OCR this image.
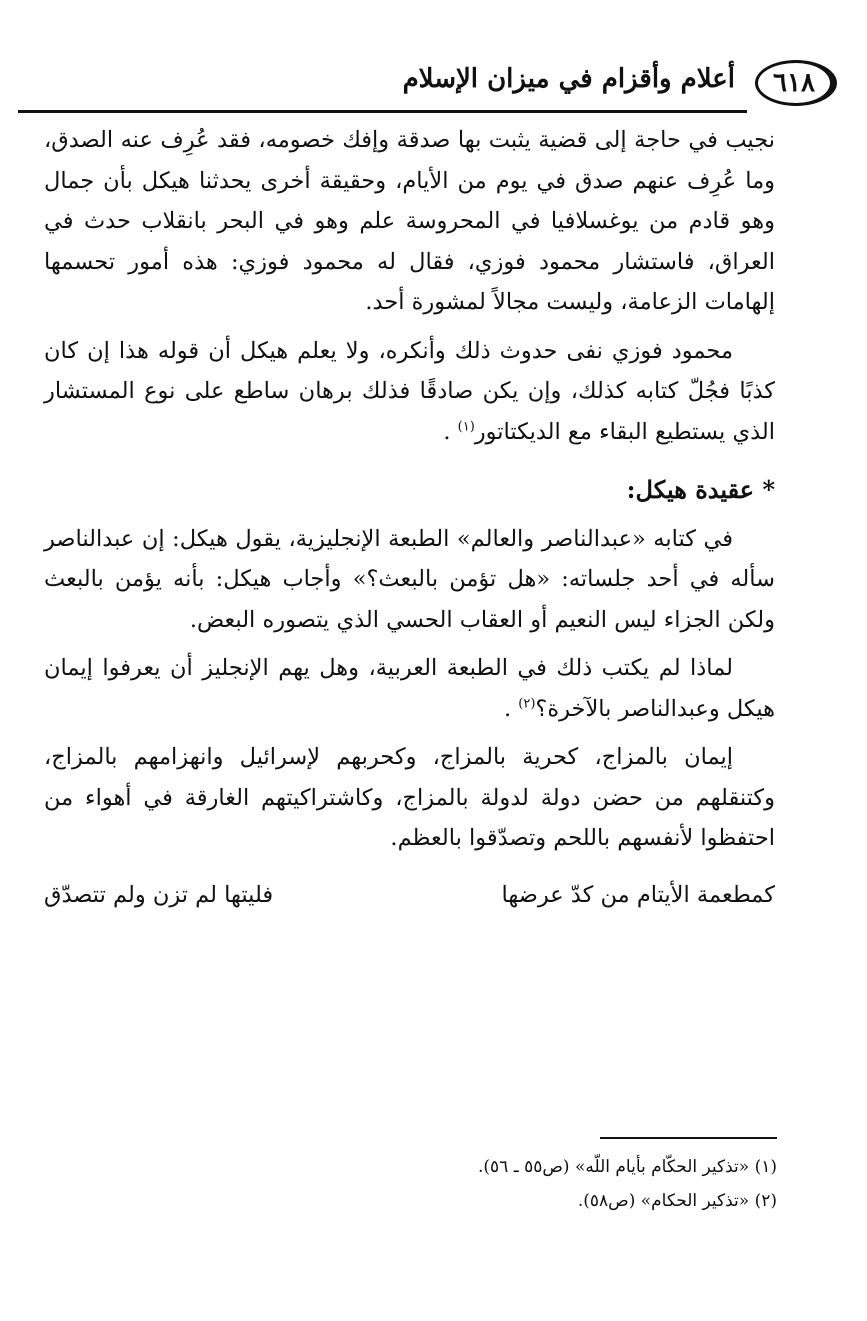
٦١٨
أعلام وأقزام في ميزان الإسلام

نجيب في حاجة إلى قضية يثبت بها صدقة وإفك خصومه، فقد عُرِف عنه الصدق، وما عُرِف عنهم صدق في يوم من الأيام، وحقيقة أخرى يحدثنا هيكل بأن جمال وهو قادم من يوغسلافيا في المحروسة علم وهو في البحر بانقلاب حدث في العراق، فاستشار محمود فوزي، فقال له محمود فوزي: هذه أمور تحسمها إلهامات الزعامة، وليست مجالاً لمشورة أحد.

محمود فوزي نفى حدوث ذلك وأنكره، ولا يعلم هيكل أن قوله هذا إن كان كذبًا فجُلّ كتابه كذلك، وإن يكن صادقًا فذلك برهان ساطع على نوع المستشار الذي يستطيع البقاء مع الديكتاتور$^{(١)}$ .

* عقيدة هيكل:

في كتابه «عبدالناصر والعالم» الطبعة الإنجليزية، يقول هيكل: إن عبدالناصر سأله في أحد جلساته: «هل تؤمن بالبعث؟» وأجاب هيكل: بأنه يؤمن بالبعث ولكن الجزاء ليس النعيم أو العقاب الحسي الذي يتصوره البعض.

لماذا لم يكتب ذلك في الطبعة العربية، وهل يهم الإنجليز أن يعرفوا إيمان هيكل وعبدالناصر بالآخرة؟$^{(٢)}$ .

إيمان بالمزاج، كحرية بالمزاج، وكحربهم لإسرائيل وانهزامهم بالمزاج، وكتنقلهم من حضن دولة لدولة بالمزاج، وكاشتراكيتهم الغارقة في أهواء من احتفظوا لأنفسهم باللحم وتصدّقوا بالعظم.

كمطعمة الأيتام من كدّ عرضها
فليتها لم تزن ولم تتصدّق

(١) «تذكير الحكّام بأيام اللّه» (ص٥٥ ـ ٥٦).

(٢) «تذكير الحكام» (ص٥٨).
